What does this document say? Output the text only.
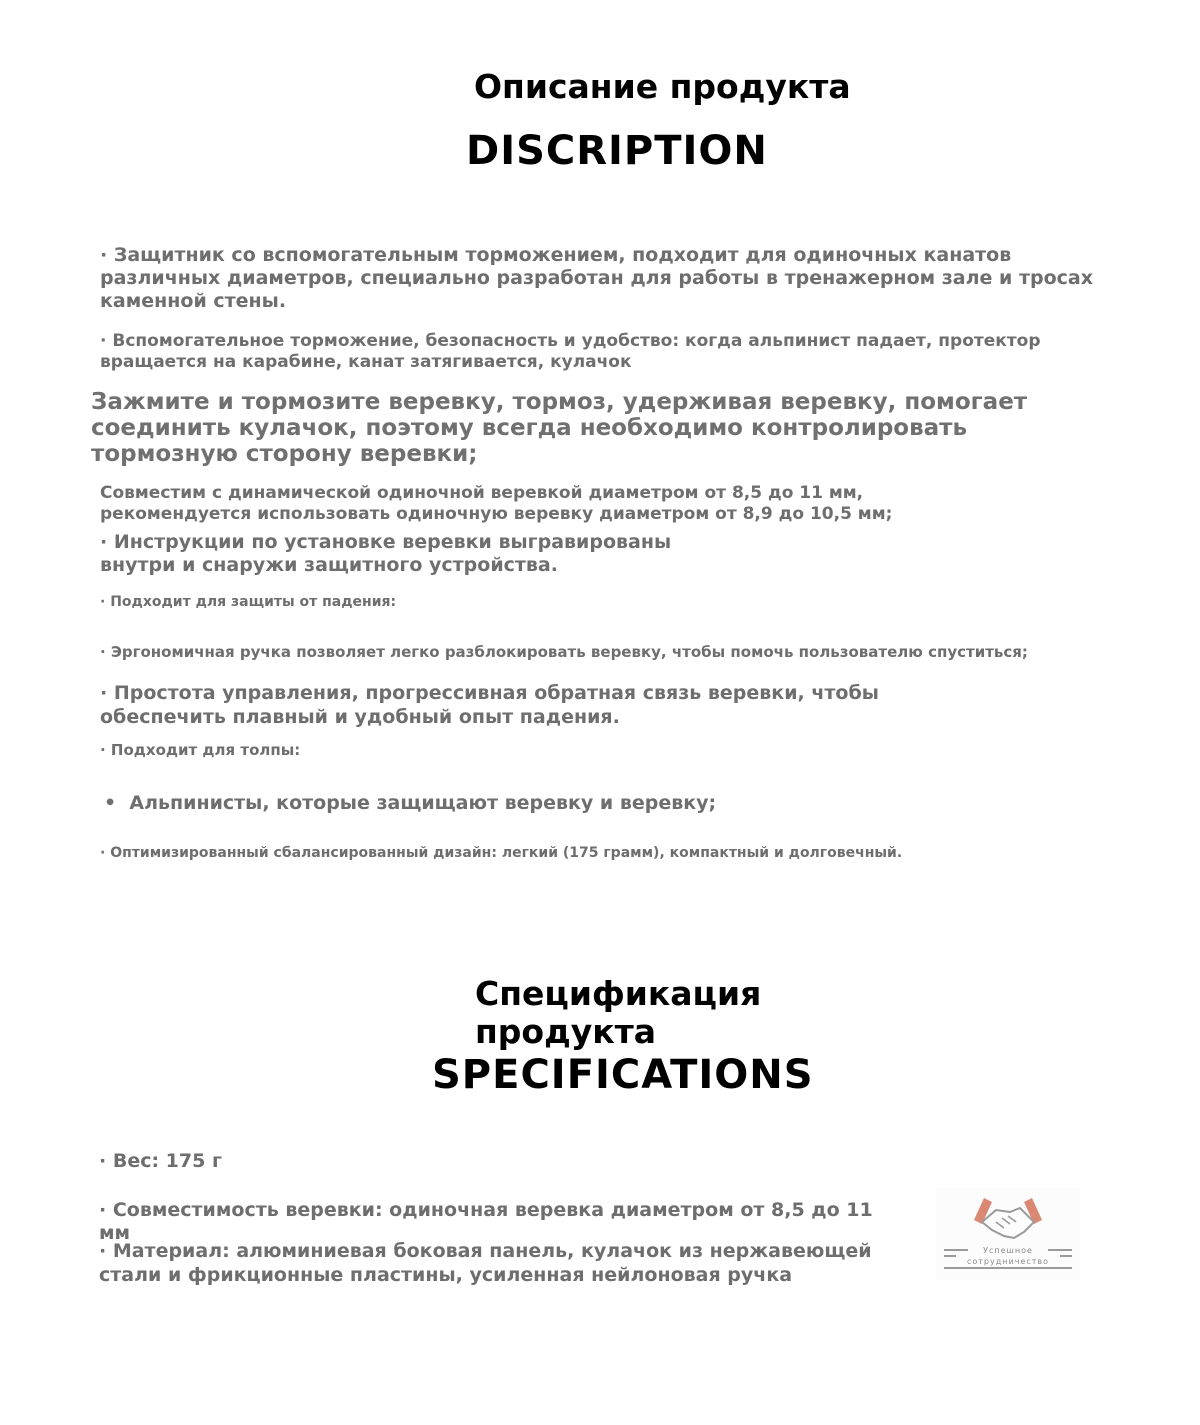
Описание продукта
DISCRIPTION

· Защитник со вспомогательным торможением, подходит для одиночных канатов различных диаметров, специально разработан для работы в тренажерном зале и тросах каменной стены.

· Вспомогательное торможение, безопасность и удобство: когда альпинист падает, протектор вращается на карабине, канат затягивается, кулачок

Зажмите и тормозите веревку, тормоз, удерживая веревку, помогает соединить кулачок, поэтому всегда необходимо контролировать тормозную сторону веревки;

Совместим с динамической одиночной веревкой диаметром от 8,5 до 11 мм, рекомендуется использовать одиночную веревку диаметром от 8,9 до 10,5 мм;

· Инструкции по установке веревки выгравированы внутри и снаружи защитного устройства.

· Подходит для защиты от падения:

· Эргономичная ручка позволяет легко разблокировать веревку, чтобы помочь пользователю спуститься;

· Простота управления, прогрессивная обратная связь веревки, чтобы обеспечить плавный и удобный опыт падения.

· Подходит для толпы:

•  Альпинисты, которые защищают веревку и веревку;

· Оптимизированный сбалансированный дизайн: легкий (175 грамм), компактный и долговечный.

Спецификация
продукта
SPECIFICATIONS

· Вес: 175 г

· Совместимость веревки: одиночная веревка диаметром от 8,5 до 11 мм

· Материал: алюминиевая боковая панель, кулачок из нержавеющей стали и фрикционные пластины, усиленная нейлоновая ручка

Успешное
сотрудничество
